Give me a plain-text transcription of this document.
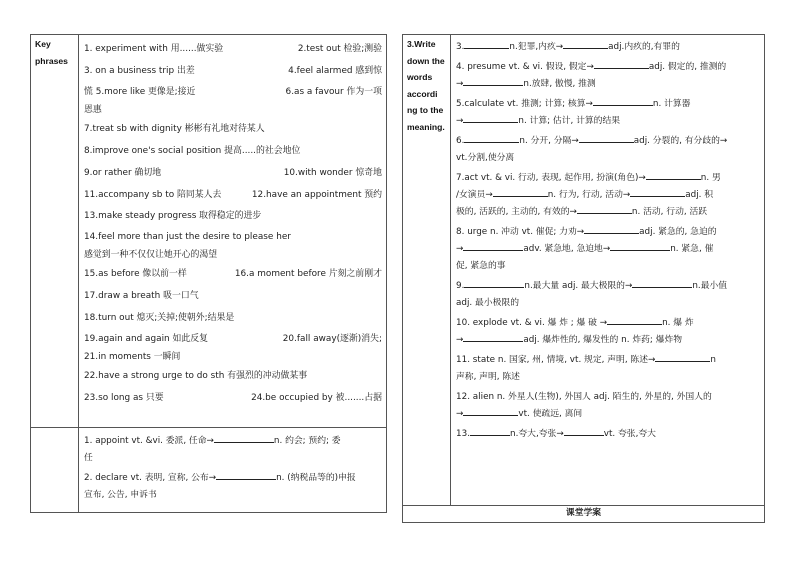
Key
phrases
1. experiment with 用......做实验	2.test out 检验;测验
3. on a business trip 出差	4.feel alarmed 感到惊
慌 5.more like 更像是;接近	6.as a favour 作为一项
恩惠
7.treat sb with dignity 彬彬有礼地对待某人
8.improve one's social position 提高.....的社会地位
9.or rather 确切地	10.with wonder 惊奇地
11.accompany sb to 陪同某人去	12.have an appointment 预约
13.make steady progress 取得稳定的进步
14.feel more than just the desire to please her
感觉到一种不仅仅让她开心的渴望
15.as before 像以前一样	16.a moment before 片刻之前刚才
17.draw a breath 吸一口气
18.turn out 熄灭;关掉;使朝外;结果是
19.again and again 如此反复	20.fall away(逐渐)消失;
21.in moments 一瞬间
22.have a strong urge to do sth 有强烈的冲动做某事
23.so long as 只要	24.be occupied by 被.......占据
1. appoint vt. &vi. 委派, 任命→	n. 约会; 预约; 委
任
2. declare vt. 表明, 宣称, 公布→	n. (纳税品等的)申报
宣布, 公告, 申诉书
3.Write
down the
words
accordi
ng to the
meaning.
3.	n.犯罪,内疚→	adj.内疚的,有罪的
4. presume vt. & vi. 假设, 假定→	adj. 假定的, 推测的
→	n.放肆, 傲慢, 推测
5.calculate vt. 推测; 计算; 核算→	n. 计算器
→	n. 计算; 估计, 计算的结果
6.	n. 分开, 分隔→	adj. 分裂的, 有分歧的→
vt.分割,使分离
7.act vt. & vi. 行动, 表现, 起作用, 扮演(角色)→	n. 男
/女演员→	n. 行为, 行动, 活动→	adj. 积
极的, 活跃的, 主动的, 有效的→	n. 活动, 行动, 活跃
8. urge n. 冲动 vt. 催促; 力劝→	adj. 紧急的, 急迫的
→	adv. 紧急地, 急迫地→	n. 紧急, 催
促, 紧急的事
9.	n.最大量 adj. 最大极限的→	n.最小值
adj. 最小极限的
10. explode vt. & vi. 爆 炸 ; 爆 破 →	n. 爆 炸
→	adj. 爆炸性的, 爆发性的 n. 炸药; 爆炸物
11. state n. 国家, 州, 情境, vt. 规定, 声明, 陈述→	n
声称, 声明, 陈述
12. alien n. 外星人(生物), 外国人 adj. 陌生的, 外星的, 外国人的
→	vt. 使疏远, 离间
13.	n.夸大,夸张→	vt. 夸张,夸大
课堂学案
